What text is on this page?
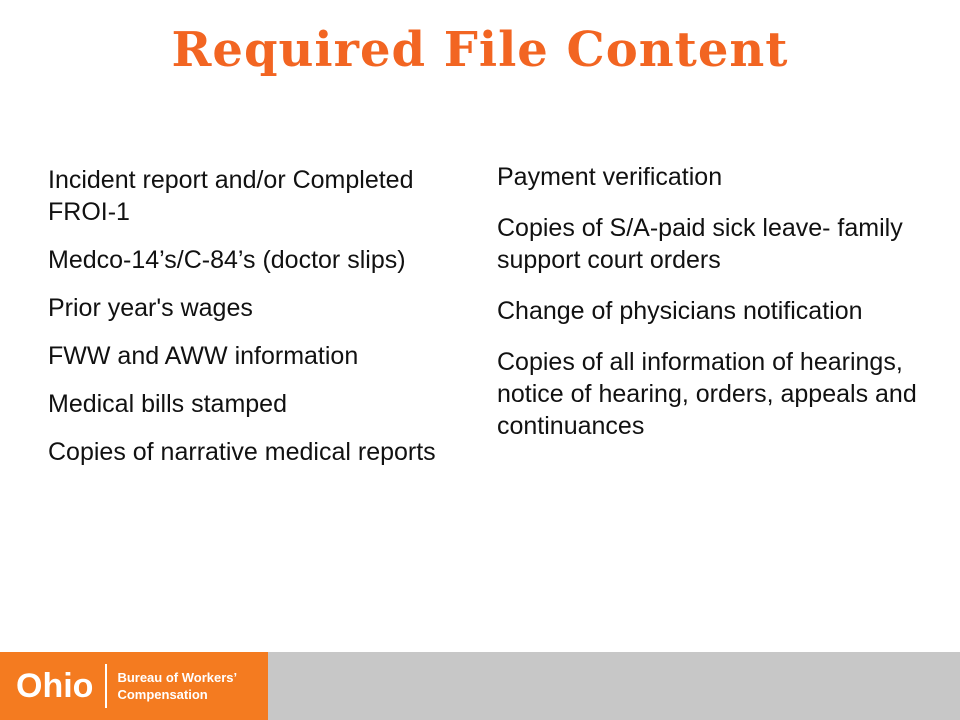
Required File Content
Incident report and/or Completed FROI-1
Medco-14’s/C-84’s (doctor slips)
Prior year's wages
FWW and AWW information
Medical bills stamped
Copies of narrative medical reports
Payment verification
Copies of S/A-paid sick leave- family support court orders
Change of physicians notification
Copies of all information of hearings, notice of hearing, orders, appeals and continuances
Ohio Bureau of Workers’
Compensation
